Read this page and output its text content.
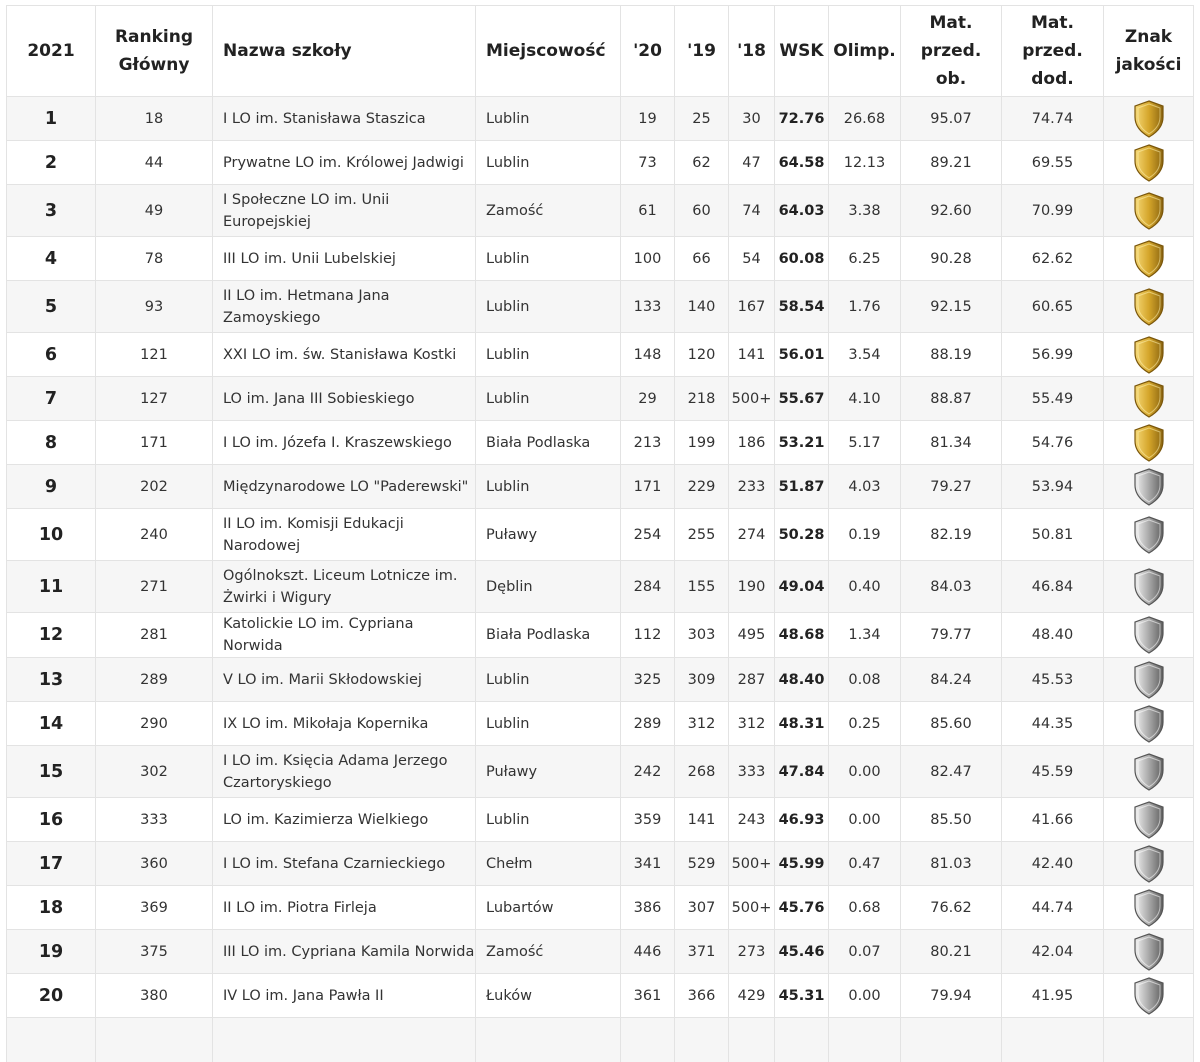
2021	Ranking Główny	Nazwa szkoły	Miejscowość	'20	'19	'18	WSK	Olimp.	Mat. przed. ob.	Mat. przed. dod.	Znak jakości
1	18	I LO im. Stanisława Staszica	Lublin	19	25	30	72.76	26.68	95.07	74.74	

2	44	Prywatne LO im. Królowej Jadwigi	Lublin	73	62	47	64.58	12.13	89.21	69.55	

3	49	I Społeczne LO im. Unii Europejskiej	Zamość	61	60	74	64.03	3.38	92.60	70.99	

4	78	III LO im. Unii Lubelskiej	Lublin	100	66	54	60.08	6.25	90.28	62.62	

5	93	II LO im. Hetmana Jana Zamoyskiego	Lublin	133	140	167	58.54	1.76	92.15	60.65	

6	121	XXI LO im. św. Stanisława Kostki	Lublin	148	120	141	56.01	3.54	88.19	56.99	

7	127	LO im. Jana III Sobieskiego	Lublin	29	218	500+	55.67	4.10	88.87	55.49	

8	171	I LO im. Józefa I. Kraszewskiego	Biała Podlaska	213	199	186	53.21	5.17	81.34	54.76	

9	202	Międzynarodowe LO "Paderewski"	Lublin	171	229	233	51.87	4.03	79.27	53.94	

10	240	II LO im. Komisji Edukacji Narodowej	Puławy	254	255	274	50.28	0.19	82.19	50.81	

11	271	Ogólnokszt. Liceum Lotnicze im. Żwirki i Wigury	Dęblin	284	155	190	49.04	0.40	84.03	46.84	

12	281	Katolickie LO im. Cypriana Norwida	Biała Podlaska	112	303	495	48.68	1.34	79.77	48.40	

13	289	V LO im. Marii Skłodowskiej	Lublin	325	309	287	48.40	0.08	84.24	45.53	

14	290	IX LO im. Mikołaja Kopernika	Lublin	289	312	312	48.31	0.25	85.60	44.35	

15	302	I LO im. Księcia Adama Jerzego Czartoryskiego	Puławy	242	268	333	47.84	0.00	82.47	45.59	

16	333	LO im. Kazimierza Wielkiego	Lublin	359	141	243	46.93	0.00	85.50	41.66	

17	360	I LO im. Stefana Czarnieckiego	Chełm	341	529	500+	45.99	0.47	81.03	42.40	

18	369	II LO im. Piotra Firleja	Lubartów	386	307	500+	45.76	0.68	76.62	44.74	

19	375	III LO im. Cypriana Kamila Norwida	Zamość	446	371	273	45.46	0.07	80.21	42.04	

20	380	IV LO im. Jana Pawła II	Łuków	361	366	429	45.31	0.00	79.94	41.95	
